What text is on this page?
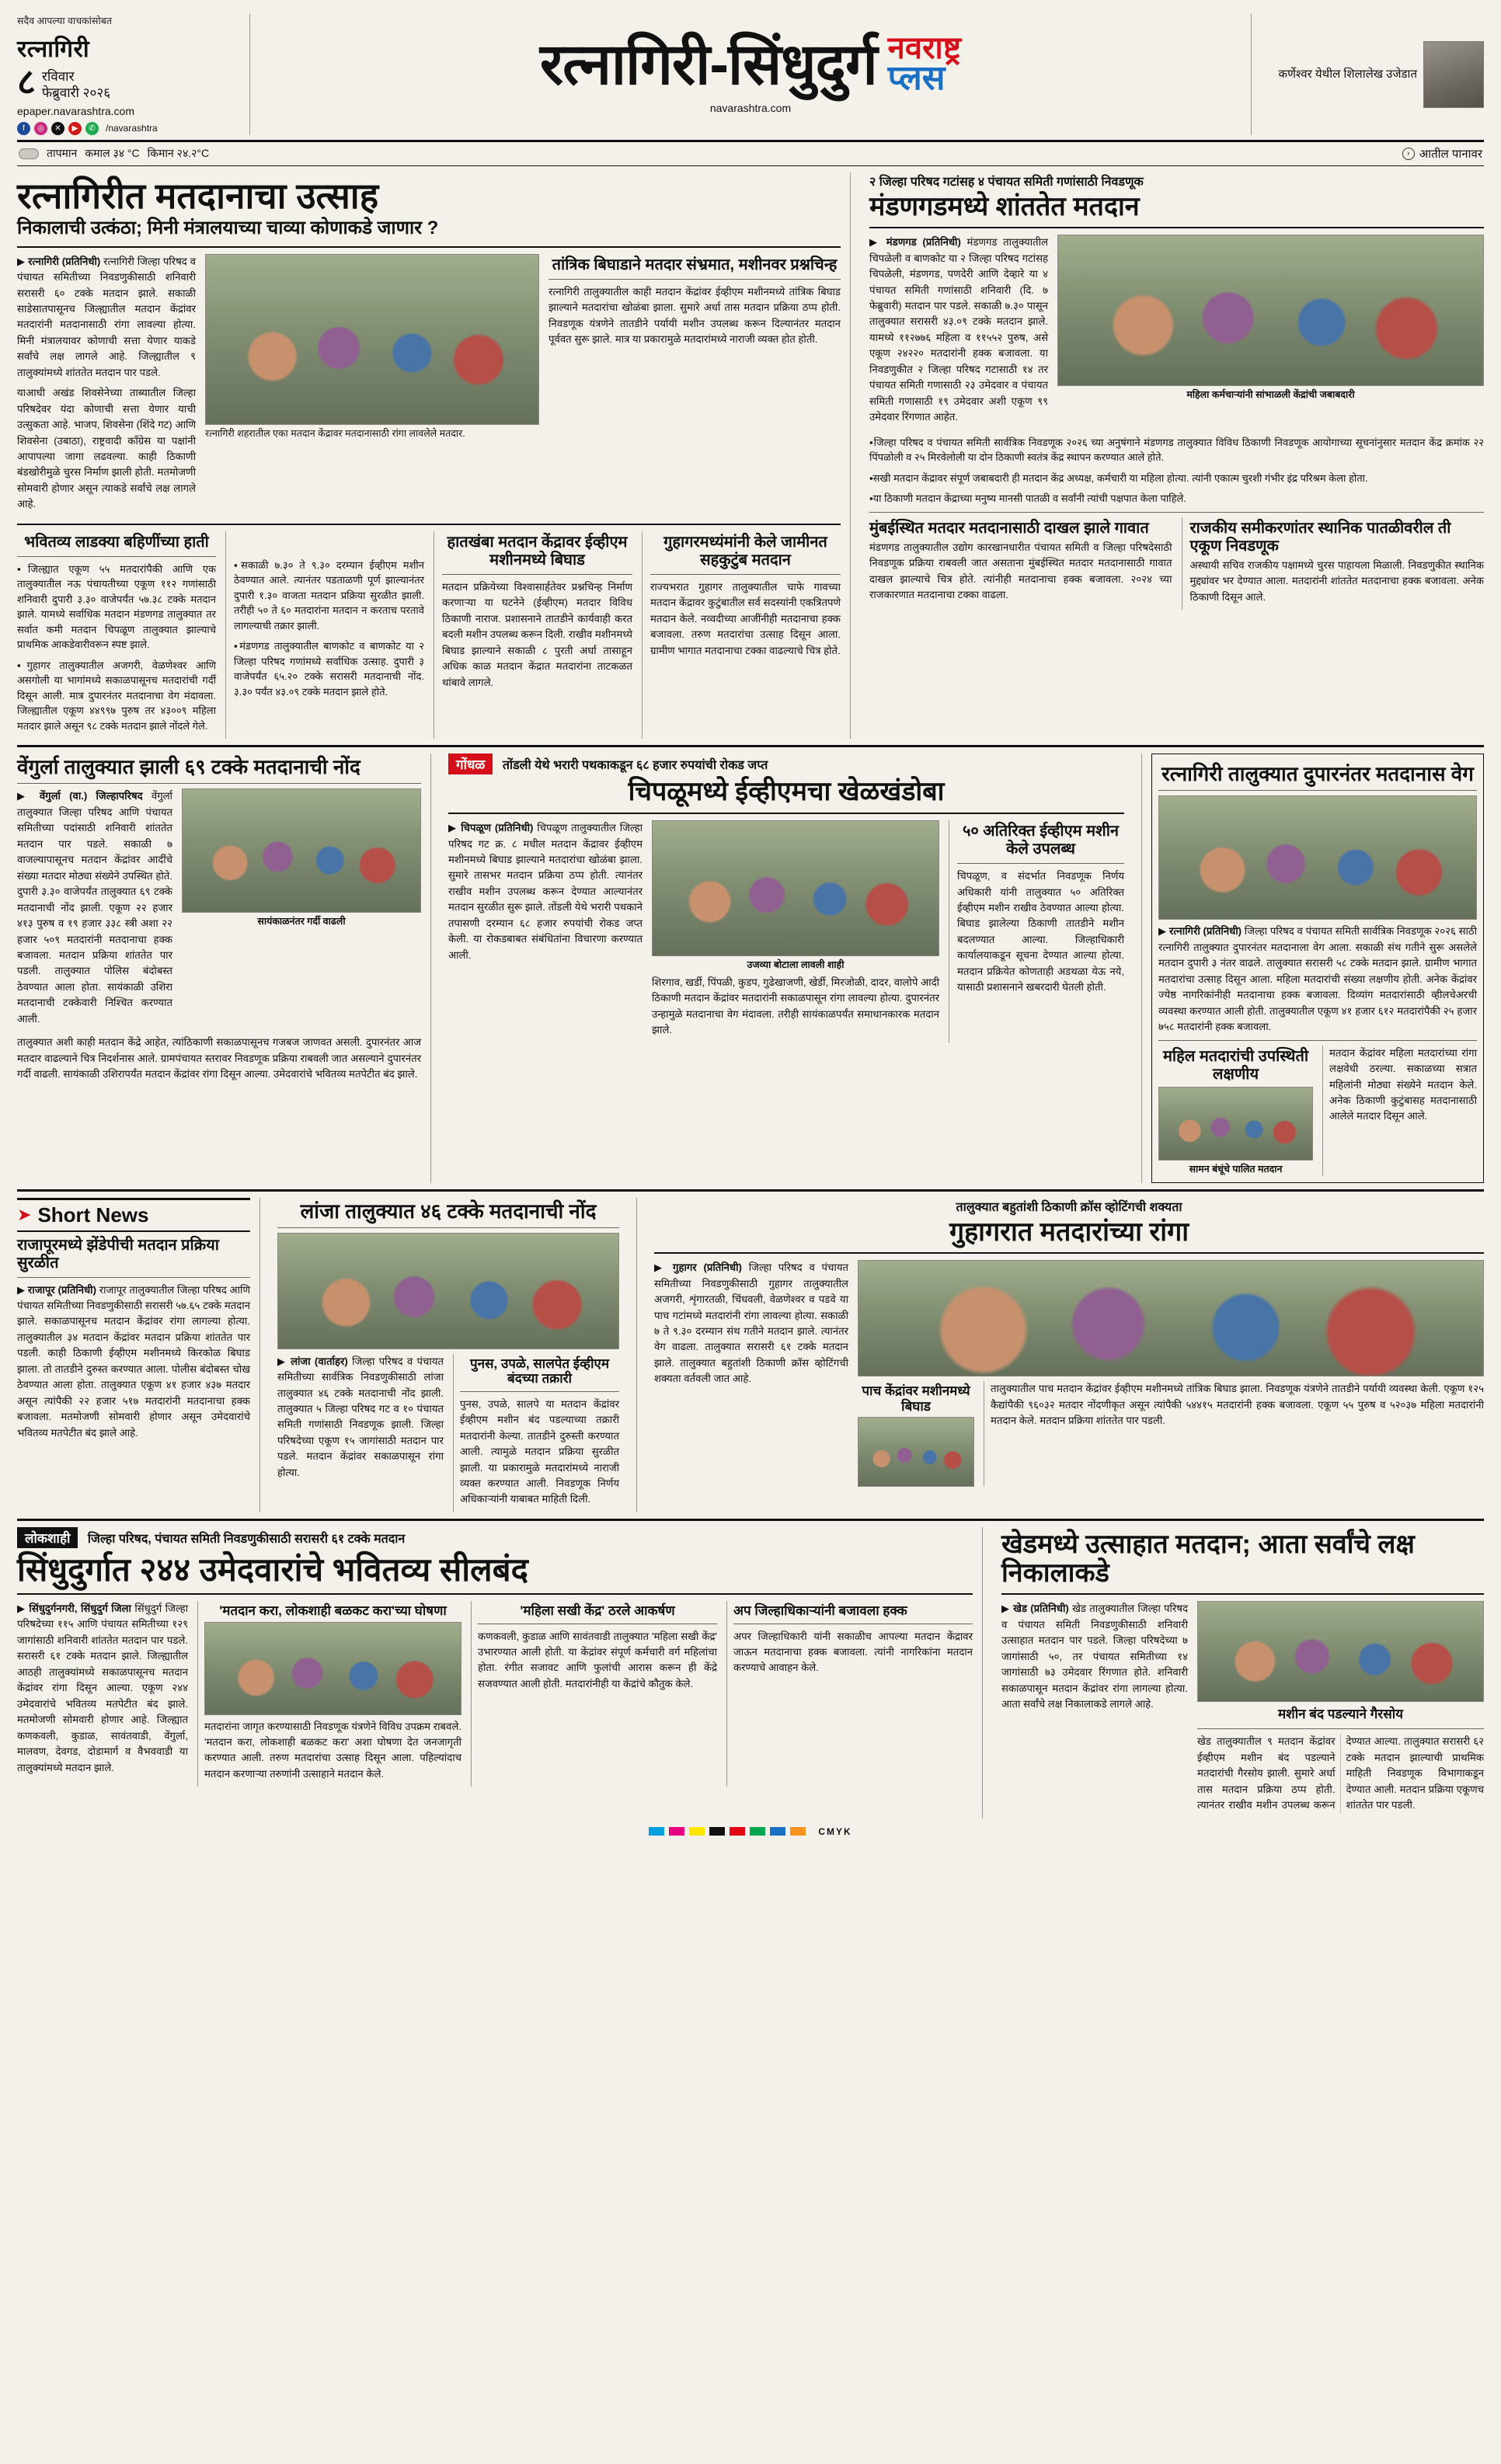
सदैव आपल्या वाचकांसोबत
रत्नागिरी
८ रविवार
फेब्रुवारी २०२६
epaper.navarashtra.com
f	◎	✕	▶	✆	/navarashtra
रत्नागिरी-सिंधुदुर्ग नवराष्ट्र
प्लस
navarashtra.com
कर्णेश्वर येथील शिलालेख उजेडात
तापमान कमाल ३४ °C किमान २४.२°C	› आतील पानावर
रत्नागिरीत मतदानाचा उत्साह
निकालाची उत्कंठा; मिनी मंत्रालयाच्या चाव्या कोणाकडे जाणार ?

▶ रत्नागिरी (प्रतिनिधी) रत्नागिरी जिल्हा परिषद व पंचायत समितीच्या निवडणुकीसाठी शनिवारी सरासरी ६० टक्के मतदान झाले. सकाळी साडेसातपासूनच जिल्ह्यातील मतदान केंद्रांवर मतदारांनी मतदानासाठी रांगा लावल्या होत्या. मिनी मंत्रालयावर कोणाची सत्ता येणार याकडे सर्वांचे लक्ष लागले आहे. जिल्ह्यातील ९ तालुक्यांमध्ये शांततेत मतदान पार पडले.

याआधी अखंड शिवसेनेच्या ताब्यातील जिल्हा परिषदेवर यंदा कोणाची सत्ता येणार याची उत्सुकता आहे. भाजप, शिवसेना (शिंदे गट) आणि शिवसेना (उबाठा), राष्ट्रवादी काँग्रेस या पक्षांनी आपापल्या जागा लढवल्या. काही ठिकाणी बंडखोरीमुळे चुरस निर्माण झाली होती. मतमोजणी सोमवारी होणार असून त्याकडे सर्वांचे लक्ष लागले आहे.

रत्नागिरी शहरातील एका मतदान केंद्रावर मतदानासाठी रांगा लावलेले मतदार.
तांत्रिक बिघाडाने मतदार संभ्रमात, मशीनवर प्रश्नचिन्ह

रत्नागिरी तालुक्यातील काही मतदान केंद्रांवर ईव्हीएम मशीनमध्ये तांत्रिक बिघाड झाल्याने मतदारांचा खोळंबा झाला. सुमारे अर्धा तास मतदान प्रक्रिया ठप्प होती. निवडणूक यंत्रणेने तातडीने पर्यायी मशीन उपलब्ध करून दिल्यानंतर मतदान पूर्ववत सुरू झाले. मात्र या प्रकारामुळे मतदारांमध्ये नाराजी व्यक्त होत होती.

भवितव्य लाडक्या बहिणींच्या हाती
▪ जिल्ह्यात एकूण ५५ मतदारांपैकी आणि एक तालुक्यातील नऊ पंचायतीच्या एकूण ११२ गणांसाठी शनिवारी दुपारी ३.३० वाजेपर्यंत ५७.३८ टक्के मतदान झाले. यामध्ये सर्वाधिक मतदान मंडणगड तालुक्यात तर सर्वात कमी मतदान चिपळूण तालुक्यात झाल्याचे प्राथमिक आकडेवारीवरून स्पष्ट झाले.
▪ गुहागर तालुक्यातील अजगरी, वेळणेश्वर आणि असगोली या भागांमध्ये सकाळपासूनच मतदारांची गर्दी दिसून आली. मात्र दुपारनंतर मतदानाचा वेग मंदावला. जिल्ह्यातील एकूण ४४९९७ पुरुष तर ४३००९ महिला मतदार झाले असून ९८ टक्के मतदान झाले नोंदले गेले.
▪ सकाळी ७.३० ते ९.३० दरम्यान ईव्हीएम मशीन ठेवण्यात आले. त्यानंतर पडताळणी पूर्ण झाल्यानंतर दुपारी १.३० वाजता मतदान प्रक्रिया सुरळीत झाली. तरीही ५० ते ६० मतदारांना मतदान न करताच परतावे लागल्याची तक्रार झाली.
▪ मंडणगड तालुक्यातील बाणकोट व बाणकोट या २ जिल्हा परिषद गणांमध्ये सर्वाधिक उत्साह. दुपारी ३ वाजेपर्यंत ६५.२० टक्के सरासरी मतदानाची नोंद. ३.३० पर्यंत ४३.०९ टक्के मतदान झाले होते.
हातखंबा मतदान केंद्रावर ईव्हीएम मशीनमध्ये बिघाड

मतदान प्रक्रियेच्या विश्वासार्हतेवर प्रश्नचिन्ह निर्माण करणाऱ्या या घटनेने (ईव्हीएम) मतदार विविध ठिकाणी नाराज. प्रशासनाने तातडीने कार्यवाही करत बदली मशीन उपलब्ध करून दिली. राखीव मशीनमध्ये बिघाड झाल्याने सकाळी ८ पुरती अर्धा तासाहून अधिक काळ मतदान केंद्रात मतदारांना ताटकळत थांबावे लागले.

गुहागरमध्यंमांनी केले जामीनत सहकुटुंब मतदान

राज्यभरात गुहागर तालुक्यातील चाफे गावच्या मतदान केंद्रावर कुटुंबातील सर्व सदस्यांनी एकत्रितपणे मतदान केले. नव्वदीच्या आजींनीही मतदानाचा हक्क बजावला. तरुण मतदारांचा उत्साह दिसून आला. ग्रामीण भागात मतदानाचा टक्का वाढल्याचे चित्र होते.

२ जिल्हा परिषद गटांसह ४ पंचायत समिती गणांसाठी निवडणूक
मंडणगडमध्ये शांततेत मतदान

▶ मंडणगड (प्रतिनिधी) मंडणगड तालुक्यातील चिपळेली व बाणकोट या २ जिल्हा परिषद गटांसह चिपळेली, मंडणगड, पणदेरी आणि देव्हारे या ४ पंचायत समिती गणांसाठी शनिवारी (दि. ७ फेब्रुवारी) मतदान पार पडले. सकाळी ७.३० पासून तालुक्यात सरासरी ४३.०९ टक्के मतदान झाले. यामध्ये ११२७७६ महिला व ११५५२ पुरुष, असे एकूण २४२२० मतदारांनी हक्क बजावला. या निवडणुकीत २ जिल्हा परिषद गटासाठी १४ तर पंचायत समिती गणासाठी २३ उमेदवार व पंचायत समिती गणासाठी १९ उमेदवार अशी एकूण ९९ उमेदवार रिंगणात आहेत.

महिला कर्मचाऱ्यांनी सांभाळली केंद्रांची जबाबदारी
▪ जिल्हा परिषद व पंचायत समिती सार्वत्रिक निवडणूक २०२६ च्या अनुषंगाने मंडणगड तालुक्यात विविध ठिकाणी निवडणूक आयोगाच्या सूचनांनुसार मतदान केंद्र क्रमांक २२ पिंपळोली व २५ मिरवेलोली या दोन ठिकाणी स्वतंत्र केंद्र स्थापन करण्यात आले होते.
▪ सखी मतदान केंद्रावर संपूर्ण जबाबदारी ही मतदान केंद्र अध्यक्ष, कर्मचारी या महिला होत्या. त्यांनी एकात्म चुरशी गंभीर इंद्र परिश्रम केला होता.
▪ या ठिकाणी मतदान केंद्राच्या मनुष्य मानसी पातळी व सर्वांनी त्यांची पक्षपात केला पाहिले.
मुंबईस्थित मतदार मतदानासाठी दाखल झाले गावात

मंडणगड तालुक्यातील उद्योग कारखानधारीत पंचायत समिती व जिल्हा परिषदेसाठी निवडणूक प्रक्रिया राबवली जात असताना मुंबईस्थित मतदार मतदानासाठी गावात दाखल झाल्याचे चित्र होते. त्यांनीही मतदानाचा हक्क बजावला. २०२४ च्या राजकारणात मतदानाचा टक्का वाढला.

राजकीय समीकरणांतर स्थानिक पातळीवरील ती एकूण निवडणूक

अस्थायी सचिव राजकीय पक्षामध्ये चुरस पाहायला मिळाली. निवडणुकीत स्थानिक मुद्द्यांवर भर देण्यात आला. मतदारांनी शांततेत मतदानाचा हक्क बजावला. अनेक ठिकाणी दिसून आले.

वेंगुर्ला तालुक्यात झाली ६९ टक्के मतदानाची नोंद

▶ वेंगुर्ला (वा.) जिल्हापरिषद वेंगुर्ला तालुक्यात जिल्हा परिषद आणि पंचायत समितीच्या पदांसाठी शनिवारी शांततेत मतदान पार पडले. सकाळी ७ वाजल्यापासूनच मतदान केंद्रांवर आदींचे संख्या मतदार मोठ्या संख्येने उपस्थित होते. दुपारी ३.३० वाजेपर्यंत तालुक्यात ६९ टक्के मतदानाची नोंद झाली. एकूण २२ हजार ४१३ पुरुष व १९ हजार ३३८ स्त्री अशा २२ हजार ५०९ मतदारांनी मतदानाचा हक्क बजावला. मतदान प्रक्रिया शांततेत पार पडली. तालुक्यात पोलिस बंदोबस्त ठेवण्यात आला होता. सायंकाळी उशिरा मतदानाची टक्केवारी निश्चित करण्यात आली.

सायंकाळनंतर गर्दी वाढली

तालुक्यात अशी काही मतदान केंद्रे आहेत, त्यांठिकाणी सकाळपासूनच गजबज जाणवत असली. दुपारनंतर आज मतदार वाढल्याने चित्र निदर्शनास आले. ग्रामपंचायत स्तरावर निवडणूक प्रक्रिया राबवली जात असल्याने दुपारनंतर गर्दी वाढली. सायंकाळी उशिरापर्यंत मतदान केंद्रांवर रांगा दिसून आल्या. उमेदवारांचे भवितव्य मतपेटीत बंद झाले.

गोंधळ तोंडली येथे भरारी पथकाकडून ६८ हजार रुपयांची रोकड जप्त
चिपळूमध्ये ईव्हीएमचा खेळखंडोबा

▶ चिपळूण (प्रतिनिधी) चिपळूण तालुक्यातील जिल्हा परिषद गट क्र. ८ मधील मतदान केंद्रावर ईव्हीएम मशीनमध्ये बिघाड झाल्याने मतदारांचा खोळंबा झाला. सुमारे तासभर मतदान प्रक्रिया ठप्प होती. त्यानंतर राखीव मशीन उपलब्ध करून देण्यात आल्यानंतर मतदान सुरळीत सुरू झाले. तोंडली येथे भरारी पथकाने तपासणी दरम्यान ६८ हजार रुपयांची रोकड जप्त केली. या रोकडबाबत संबंधितांना विचारणा करण्यात आली.

उजव्या बोटाला लावली शाही

शिरगाव, खर्डी, पिंपळी, कुडप, गुढेखाजणी, खेर्डी, मिरजोळी, दादर, वालोपे आदी ठिकाणी मतदान केंद्रांवर मतदारांनी सकाळपासून रांगा लावल्या होत्या. दुपारनंतर उन्हामुळे मतदानाचा वेग मंदावला. तरीही सायंकाळपर्यंत समाधानकारक मतदान झाले.

५० अतिरिक्त ईव्हीएम मशीन केले उपलब्ध

चिपळूण, व संदर्भात निवडणूक निर्णय अधिकारी यांनी तालुक्यात ५० अतिरिक्त ईव्हीएम मशीन राखीव ठेवण्यात आल्या होत्या. बिघाड झालेल्या ठिकाणी तातडीने मशीन बदलण्यात आल्या. जिल्हाधिकारी कार्यालयाकडून सूचना देण्यात आल्या होत्या. मतदान प्रक्रियेत कोणताही अडथळा येऊ नये, यासाठी प्रशासनाने खबरदारी घेतली होती.

रत्नागिरी तालुक्यात दुपारनंतर मतदानास वेग

▶ रत्नागिरी (प्रतिनिधी) जिल्हा परिषद व पंचायत समिती सार्वत्रिक निवडणूक २०२६ साठी रत्नागिरी तालुक्यात दुपारनंतर मतदानाला वेग आला. सकाळी संथ गतीने सुरू असलेले मतदान दुपारी ३ नंतर वाढले. तालुक्यात सरासरी ५८ टक्के मतदान झाले. ग्रामीण भागात मतदारांचा उत्साह दिसून आला. महिला मतदारांची संख्या लक्षणीय होती. अनेक केंद्रांवर ज्येष्ठ नागरिकांनीही मतदानाचा हक्क बजावला. दिव्यांग मतदारांसाठी व्हीलचेअरची व्यवस्था करण्यात आली होती. तालुक्यातील एकूण ४१ हजार ६१२ मतदारांपैकी २५ हजार ७५८ मतदारांनी हक्क बजावला.

महिल मतदारांची उपस्थिती लक्षणीय
सामन बंधूंचे पालित मतदान

मतदान केंद्रांवर महिला मतदारांच्या रांगा लक्षवेधी ठरल्या. सकाळच्या सत्रात महिलांनी मोठ्या संख्येने मतदान केले. अनेक ठिकाणी कुटुंबासह मतदानासाठी आलेले मतदार दिसून आले.

➤ Short News
राजापूरमध्ये झेंडेपीची मतदान प्रक्रिया सुरळीत

▶ राजापूर (प्रतिनिधी) राजापूर तालुक्यातील जिल्हा परिषद आणि पंचायत समितीच्या निवडणुकीसाठी सरासरी ५७.६५ टक्के मतदान झाले. सकाळपासूनच मतदान केंद्रांवर रांगा लागल्या होत्या. तालुक्यातील ३४ मतदान केंद्रांवर मतदान प्रक्रिया शांततेत पार पडली. काही ठिकाणी ईव्हीएम मशीनमध्ये किरकोळ बिघाड झाला. तो तातडीने दुरुस्त करण्यात आला. पोलीस बंदोबस्त चोख ठेवण्यात आला होता. तालुक्यात एकूण ४१ हजार ४३७ मतदार असून त्यांपैकी २२ हजार ५१७ मतदारांनी मतदानाचा हक्क बजावला. मतमोजणी सोमवारी होणार असून उमेदवारांचे भवितव्य मतपेटीत बंद झाले आहे.

लांजा तालुक्यात ४६ टक्के मतदानाची नोंद

▶ लांजा (वार्ताहर) जिल्हा परिषद व पंचायत समितीच्या सार्वत्रिक निवडणुकीसाठी लांजा तालुक्यात ४६ टक्के मतदानाची नोंद झाली. तालुक्यात ५ जिल्हा परिषद गट व १० पंचायत समिती गणांसाठी निवडणूक झाली. जिल्हा परिषदेच्या एकूण १५ जागांसाठी मतदान पार पडले. मतदान केंद्रांवर सकाळपासून रांगा होत्या.

पुनस, उपळे, सालपेत ईव्हीएम बंदच्या तक्रारी

पुनस, उपळे, सालपे या मतदान केंद्रांवर ईव्हीएम मशीन बंद पडल्याच्या तक्रारी मतदारांनी केल्या. तातडीने दुरुस्ती करण्यात आली. त्यामुळे मतदान प्रक्रिया सुरळीत झाली. या प्रकारामुळे मतदारांमध्ये नाराजी व्यक्त करण्यात आली. निवडणूक निर्णय अधिकाऱ्यांनी याबाबत माहिती दिली.

तालुक्यात बहुतांशी ठिकाणी क्रॉस व्होटिंगची शक्यता
गुहागरात मतदारांच्या रांगा

▶ गुहागर (प्रतिनिधी) जिल्हा परिषद व पंचायत समितीच्या निवडणुकीसाठी गुहागर तालुक्यातील अजगरी, शृंगारतळी, चिंधवली, वेळणेश्वर व पडवे या पाच गटांमध्ये मतदारांनी रांगा लावल्या होत्या. सकाळी ७ ते ९.३० दरम्यान संथ गतीने मतदान झाले. त्यानंतर वेग वाढला. तालुक्यात सरासरी ६१ टक्के मतदान झाले. तालुक्यात बहुतांशी ठिकाणी क्रॉस व्होटिंगची शक्यता वर्तवली जात आहे.

पाच केंद्रांवर मशीनमध्ये बिघाड

तालुक्यातील पाच मतदान केंद्रांवर ईव्हीएम मशीनमध्ये तांत्रिक बिघाड झाला. निवडणूक यंत्रणेने तातडीने पर्यायी व्यवस्था केली. एकूण १२५ कैद्यांपैकी ९६०३२ मतदार नोंदणीकृत असून त्यांपैकी ५४४१५ मतदारांनी हक्क बजावला. एकूण ५५ पुरुष व ५२०३७ महिला मतदारांनी मतदान केले. मतदान प्रक्रिया शांततेत पार पडली.

लोकशाही जिल्हा परिषद, पंचायत समिती निवडणुकीसाठी सरासरी ६१ टक्के मतदान
सिंधुदुर्गात २४४ उमेदवारांचे भवितव्य सीलबंद

▶ सिंधुदुर्गनगरी, सिंधुदुर्ग जिला सिंधुदुर्ग जिल्हा परिषदेच्या ११५ आणि पंचायत समितीच्या १२९ जागांसाठी शनिवारी शांततेत मतदान पार पडले. सरासरी ६१ टक्के मतदान झाले. जिल्ह्यातील आठही तालुक्यांमध्ये सकाळपासूनच मतदान केंद्रांवर रांगा दिसून आल्या. एकूण २४४ उमेदवारांचे भवितव्य मतपेटीत बंद झाले. मतमोजणी सोमवारी होणार आहे. जिल्ह्यात कणकवली, कुडाळ, सावंतवाडी, वेंगुर्ला, मालवण, देवगड, दोडामार्ग व वैभववाडी या तालुक्यांमध्ये मतदान झाले.

'मतदान करा, लोकशाही बळकट करा'च्या घोषणा

मतदारांना जागृत करण्यासाठी निवडणूक यंत्रणेने विविध उपक्रम राबवले. 'मतदान करा, लोकशाही बळकट करा' अशा घोषणा देत जनजागृती करण्यात आली. तरुण मतदारांचा उत्साह दिसून आला. पहिल्यांदाच मतदान करणाऱ्या तरुणांनी उत्साहाने मतदान केले.

'महिला सखी केंद्र' ठरले आकर्षण

कणकवली, कुडाळ आणि सावंतवाडी तालुक्यात 'महिला सखी केंद्र' उभारण्यात आली होती. या केंद्रांवर संपूर्ण कर्मचारी वर्ग महिलांचा होता. रंगीत सजावट आणि फुलांची आरास करून ही केंद्रे सजवण्यात आली होती. मतदारांनीही या केंद्रांचे कौतुक केले.

अप जिल्हाधिकाऱ्यांनी बजावला हक्क

अपर जिल्हाधिकारी यांनी सकाळीच आपल्या मतदान केंद्रावर जाऊन मतदानाचा हक्क बजावला. त्यांनी नागरिकांना मतदान करण्याचे आवाहन केले.

खेडमध्ये उत्साहात मतदान; आता सर्वांचे लक्ष निकालाकडे

▶ खेड (प्रतिनिधी) खेड तालुक्यातील जिल्हा परिषद व पंचायत समिती निवडणुकीसाठी शनिवारी उत्साहात मतदान पार पडले. जिल्हा परिषदेच्या ७ जागांसाठी ५०, तर पंचायत समितीच्या १४ जागांसाठी ७३ उमेदवार रिंगणात होते. शनिवारी सकाळपासून मतदान केंद्रांवर रांगा लागल्या होत्या. आता सर्वांचे लक्ष निकालाकडे लागले आहे.

मशीन बंद पडल्याने गैरसोय

खेड तालुक्यातील ९ मतदान केंद्रांवर ईव्हीएम मशीन बंद पडल्याने मतदारांची गैरसोय झाली. सुमारे अर्धा तास मतदान प्रक्रिया ठप्प होती. त्यानंतर राखीव मशीन उपलब्ध करून देण्यात आल्या. तालुक्यात सरासरी ६२ टक्के मतदान झाल्याची प्राथमिक माहिती निवडणूक विभागाकडून देण्यात आली. मतदान प्रक्रिया एकूणच शांततेत पार पडली.

CMYK
